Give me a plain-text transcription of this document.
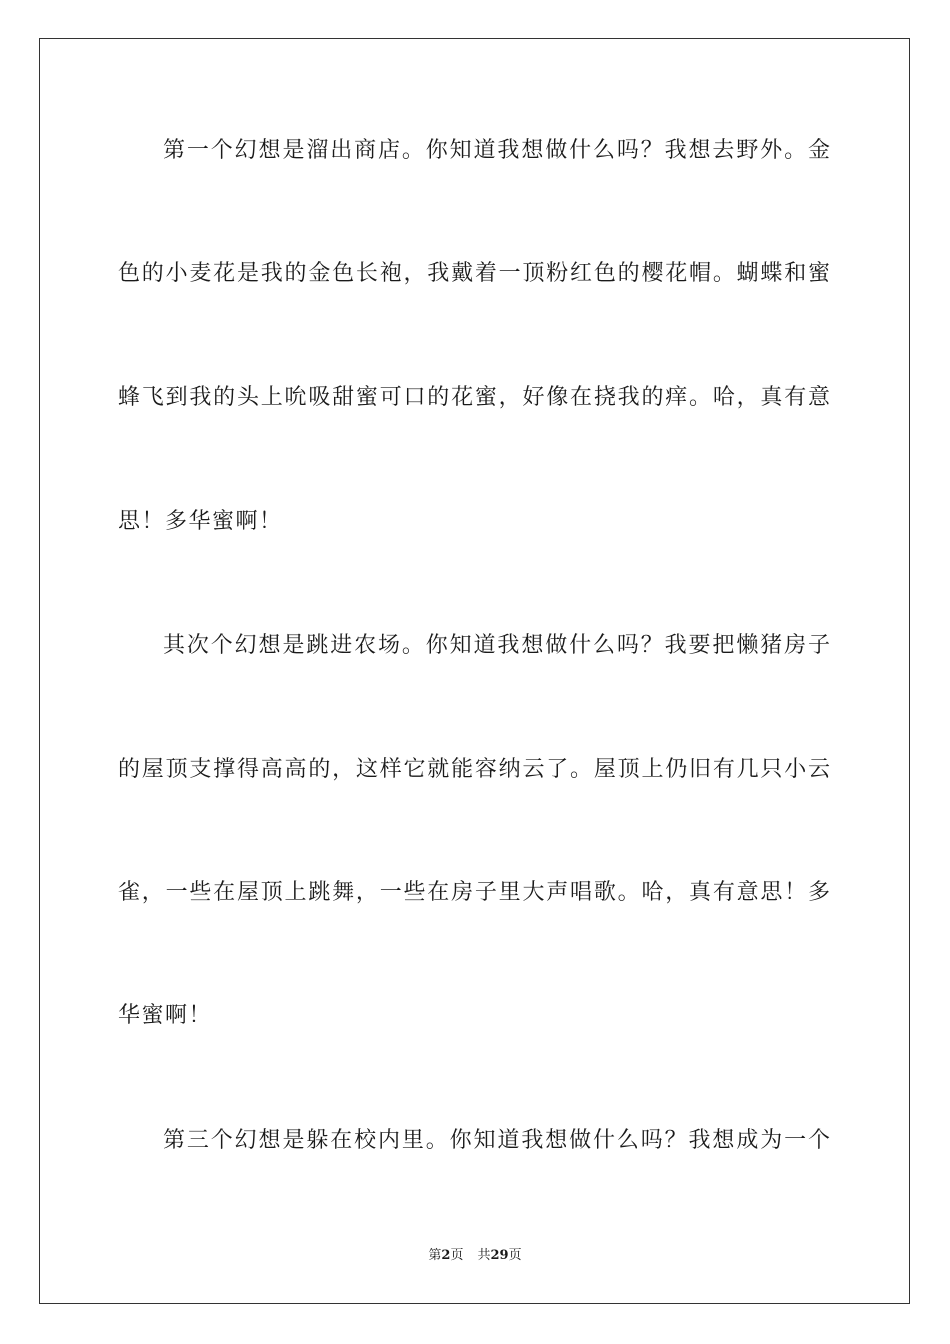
第一个幻想是溜出商店。你知道我想做什么吗？我想去野外。金
色的小麦花是我的金色长袍，我戴着一顶粉红色的樱花帽。蝴蝶和蜜
蜂飞到我的头上吮吸甜蜜可口的花蜜，好像在挠我的痒。哈，真有意
思！多华蜜啊！
其次个幻想是跳进农场。你知道我想做什么吗？我要把懒猪房子
的屋顶支撑得高高的，这样它就能容纳云了。屋顶上仍旧有几只小云
雀，一些在屋顶上跳舞，一些在房子里大声唱歌。哈，真有意思！多
华蜜啊！
第三个幻想是躲在校内里。你知道我想做什么吗？我想成为一个
第2页 共29页
